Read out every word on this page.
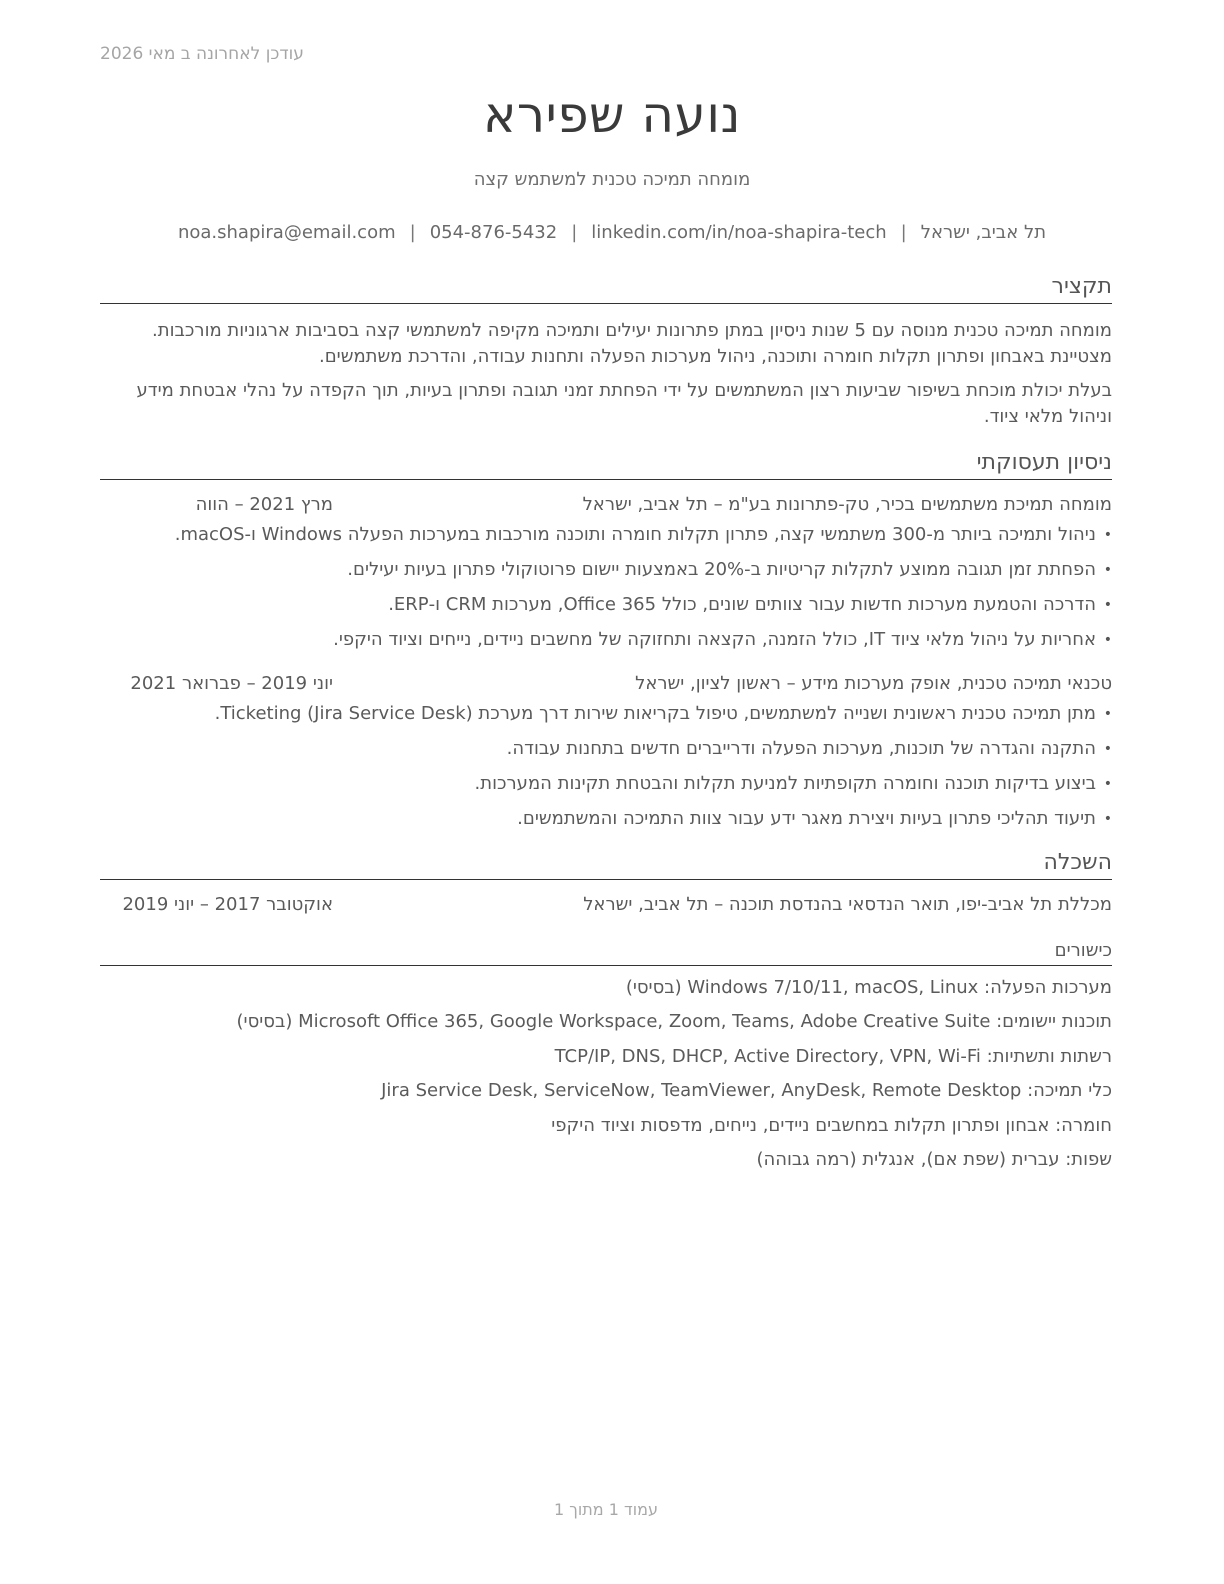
עודכן לאחרונה ב מאי 2026
נועה שפירא
מומחה תמיכה טכנית למשתמש קצה
תל אביב, ישראל|noa.shapira@email.com | 054-876-5432 | linkedin.com/in/noa-shapira-tech
תקציר

מומחה תמיכה טכנית מנוסה עם 5 שנות ניסיון במתן פתרונות יעילים ותמיכה מקיפה למשתמשי קצה בסביבות ארגוניות מורכבות. מצטיינת באבחון ופתרון תקלות חומרה ותוכנה, ניהול מערכות הפעלה ותחנות עבודה, והדרכת משתמשים.

בעלת יכולת מוכחת בשיפור שביעות רצון המשתמשים על ידי הפחתת זמני תגובה ופתרון בעיות, תוך הקפדה על נהלי אבטחת מידע וניהול מלאי ציוד.

ניסיון תעסוקתי
מומחה תמיכת משתמשים בכיר, טק-פתרונות בע"מ – תל אביב, ישראל
מרץ 2021 – הווה
•
ניהול ותמיכה ביותר מ-300 משתמשי קצה, פתרון תקלות חומרה ותוכנה מורכבות במערכות הפעלה Windows ו-macOS.
•
הפחתת זמן תגובה ממוצע לתקלות קריטיות ב-20% באמצעות יישום פרוטוקולי פתרון בעיות יעילים.
•
הדרכה והטמעת מערכות חדשות עבור צוותים שונים, כולל Office 365, מערכות CRM ו-ERP.
•
אחריות על ניהול מלאי ציוד IT, כולל הזמנה, הקצאה ותחזוקה של מחשבים ניידים, נייחים וציוד היקפי.
טכנאי תמיכה טכנית, אופק מערכות מידע – ראשון לציון, ישראל
יוני 2019 – פברואר 2021
•
מתן תמיכה טכנית ראשונית ושנייה למשתמשים, טיפול בקריאות שירות דרך מערכת Ticketing (Jira Service Desk).
•
התקנה והגדרה של תוכנות, מערכות הפעלה ודרייברים חדשים בתחנות עבודה.
•
ביצוע בדיקות תוכנה וחומרה תקופתיות למניעת תקלות והבטחת תקינות המערכות.
•
תיעוד תהליכי פתרון בעיות ויצירת מאגר ידע עבור צוות התמיכה והמשתמשים.
השכלה
מכללת תל אביב-יפו, תואר הנדסאי בהנדסת תוכנה – תל אביב, ישראל
אוקטובר 2017 – יוני 2019
כישורים
מערכות הפעלה: Windows 7/10/11, macOS, Linux (בסיסי)
תוכנות יישומים: Microsoft Office 365, Google Workspace, Zoom, Teams, Adobe Creative Suite (בסיסי)
רשתות ותשתיות: TCP/IP, DNS, DHCP, Active Directory, VPN, Wi-Fi
כלי תמיכה: Jira Service Desk, ServiceNow, TeamViewer, AnyDesk, Remote Desktop
חומרה: אבחון ופתרון תקלות במחשבים ניידים, נייחים, מדפסות וציוד היקפי
שפות: עברית (שפת אם), אנגלית (רמה גבוהה)
עמוד 1 מתוך 1
